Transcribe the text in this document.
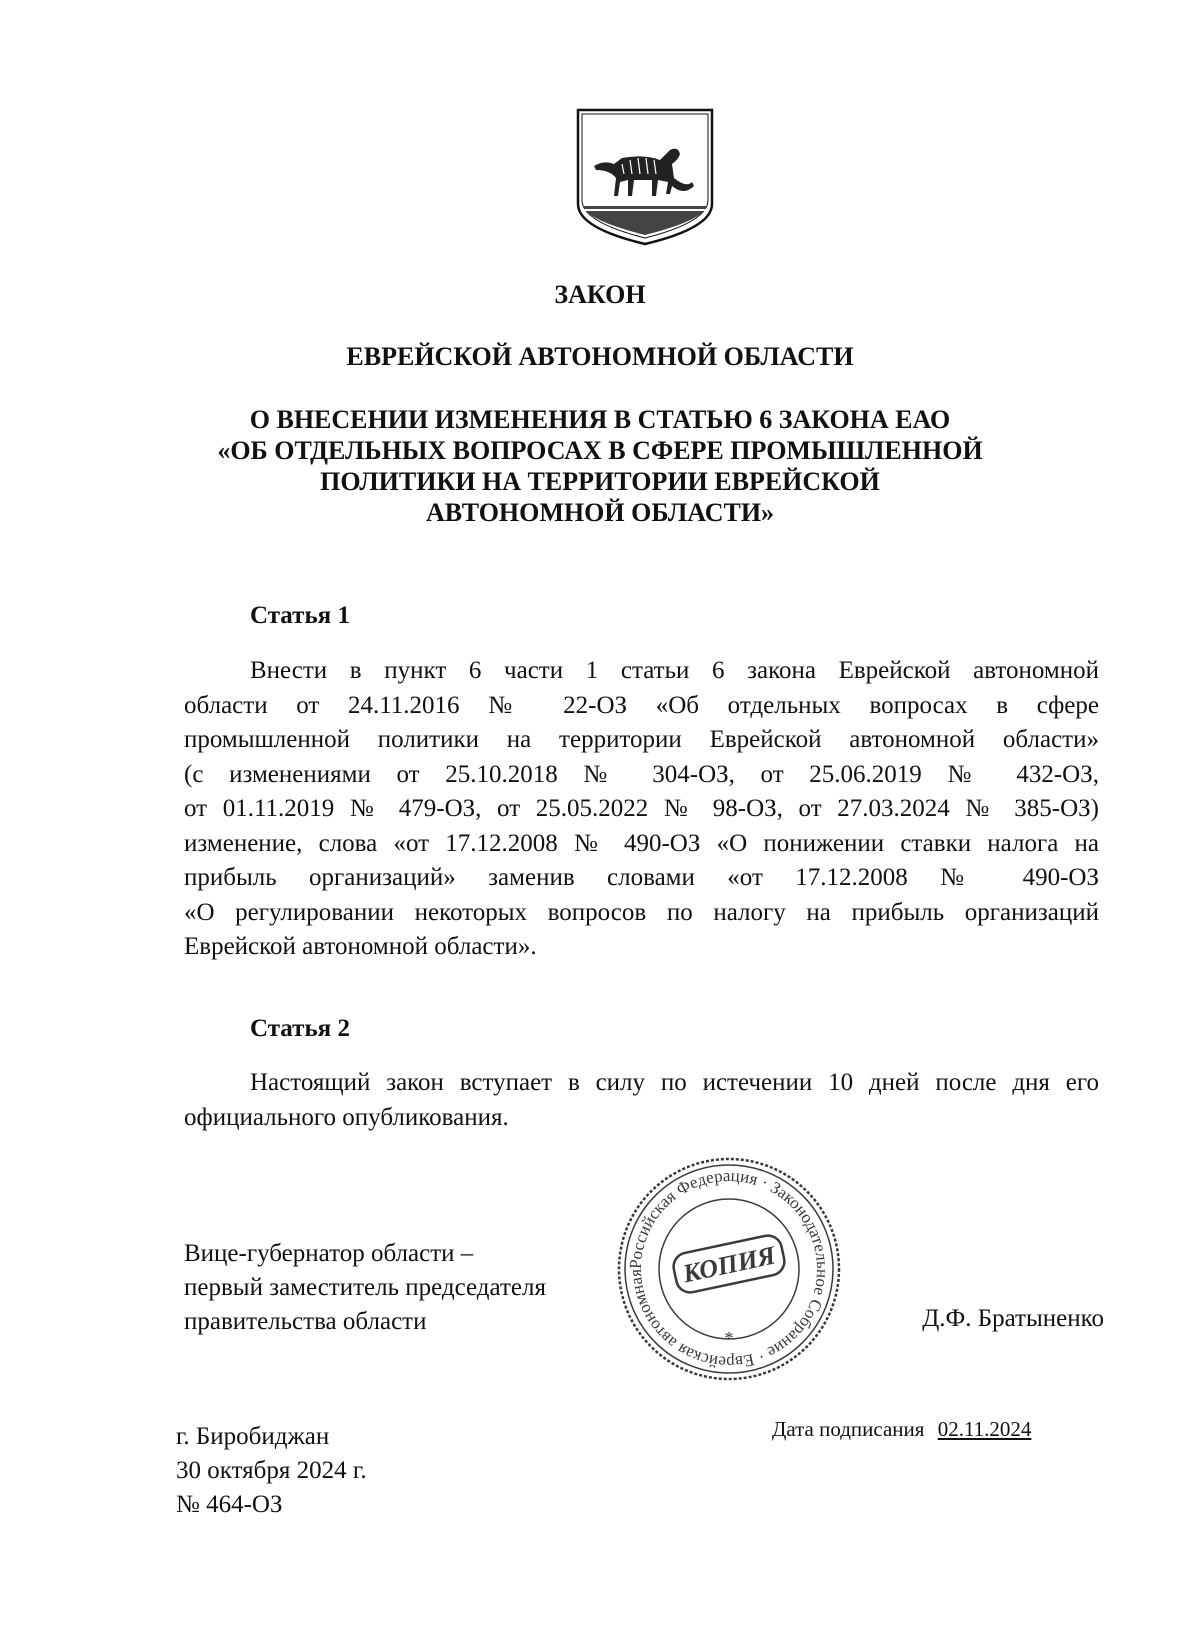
ЗАКОН
ЕВРЕЙСКОЙ АВТОНОМНОЙ ОБЛАСТИ
О ВНЕСЕНИИ ИЗМЕНЕНИЯ В СТАТЬЮ 6 ЗАКОНА ЕАО
«ОБ ОТДЕЛЬНЫХ ВОПРОСАХ В СФЕРЕ ПРОМЫШЛЕННОЙ
ПОЛИТИКИ НА ТЕРРИТОРИИ ЕВРЕЙСКОЙ
АВТОНОМНОЙ ОБЛАСТИ»
Статья 1
Внести в пункт 6 части 1 статьи 6 закона Еврейской автономной
области от 24.11.2016 № 22-ОЗ «Об отдельных вопросах в сфере
промышленной политики на территории Еврейской автономной области»
(с изменениями от 25.10.2018 № 304-ОЗ, от 25.06.2019 № 432-ОЗ,
от 01.11.2019 № 479-ОЗ, от 25.05.2022 № 98-ОЗ, от 27.03.2024 № 385-ОЗ)
изменение, слова «от 17.12.2008 № 490-ОЗ «О понижении ставки налога на
прибыль организаций» заменив словами «от 17.12.2008 № 490-ОЗ
«О регулировании некоторых вопросов по налогу на прибыль организаций
Еврейской автономной области».
Статья 2
Настоящий закон вступает в силу по истечении 10 дней после дня его
официального опубликования.
Вице-губернатор области –
первый заместитель председателя
правительства области
Российская Федерация · Законодательное Собрание · Еврейская автономная	КОПИЯ
*
Д.Ф. Братыненко
г. Биробиджан
30 октября 2024 г.
№ 464-ОЗ
Дата подписания 02.11.2024
